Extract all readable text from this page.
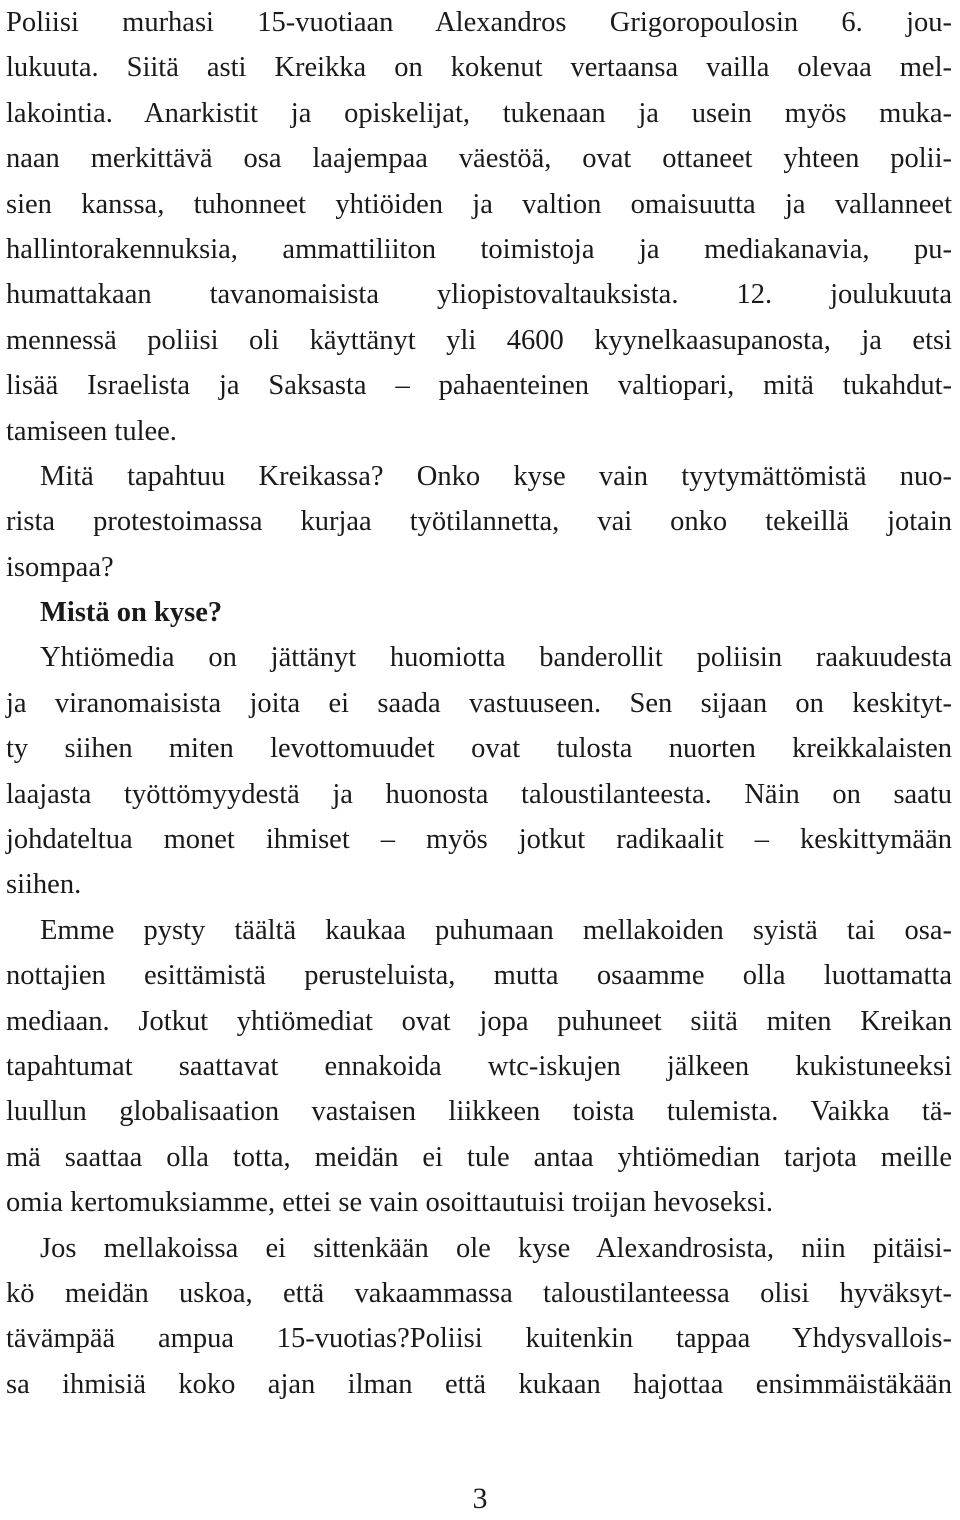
Poliisi murhasi 15-vuotiaan Alexandros Grigoropoulosin 6. jou-
lukuuta. Siitä asti Kreikka on kokenut vertaansa vailla olevaa mel-
lakointia. Anarkistit ja opiskelijat, tukenaan ja usein myös muka-
naan merkittävä osa laajempaa väestöä, ovat ottaneet yhteen polii-
sien kanssa, tuhonneet yhtiöiden ja valtion omaisuutta ja vallanneet
hallintorakennuksia, ammattiliiton toimistoja ja mediakanavia, pu-
humattakaan tavanomaisista yliopistovaltauksista. 12. joulukuuta
mennessä poliisi oli käyttänyt yli 4600 kyynelkaasupanosta, ja etsi
lisää Israelista ja Saksasta – pahaenteinen valtiopari, mitä tukahdut-
tamiseen tulee.
Mitä tapahtuu Kreikassa? Onko kyse vain tyytymättömistä nuo-
rista protestoimassa kurjaa työtilannetta, vai onko tekeillä jotain
isompaa?
Mistä on kyse?
Yhtiömedia on jättänyt huomiotta banderollit poliisin raakuudesta
ja viranomaisista joita ei saada vastuuseen. Sen sijaan on keskityt-
ty siihen miten levottomuudet ovat tulosta nuorten kreikkalaisten
laajasta työttömyydestä ja huonosta taloustilanteesta. Näin on saatu
johdateltua monet ihmiset – myös jotkut radikaalit – keskittymään
siihen.
Emme pysty täältä kaukaa puhumaan mellakoiden syistä tai osa-
nottajien esittämistä perusteluista, mutta osaamme olla luottamatta
mediaan. Jotkut yhtiömediat ovat jopa puhuneet siitä miten Kreikan
tapahtumat saattavat ennakoida wtc-iskujen jälkeen kukistuneeksi
luullun globalisaation vastaisen liikkeen toista tulemista. Vaikka tä-
mä saattaa olla totta, meidän ei tule antaa yhtiömedian tarjota meille
omia kertomuksiamme, ettei se vain osoittautuisi troijan hevoseksi.
Jos mellakoissa ei sittenkään ole kyse Alexandrosista, niin pitäisi-
kö meidän uskoa, että vakaammassa taloustilanteessa olisi hyväksyt-
tävämpää ampua 15-vuotias?Poliisi kuitenkin tappaa Yhdysvallois-
sa ihmisiä koko ajan ilman että kukaan hajottaa ensimmäistäkään
3
